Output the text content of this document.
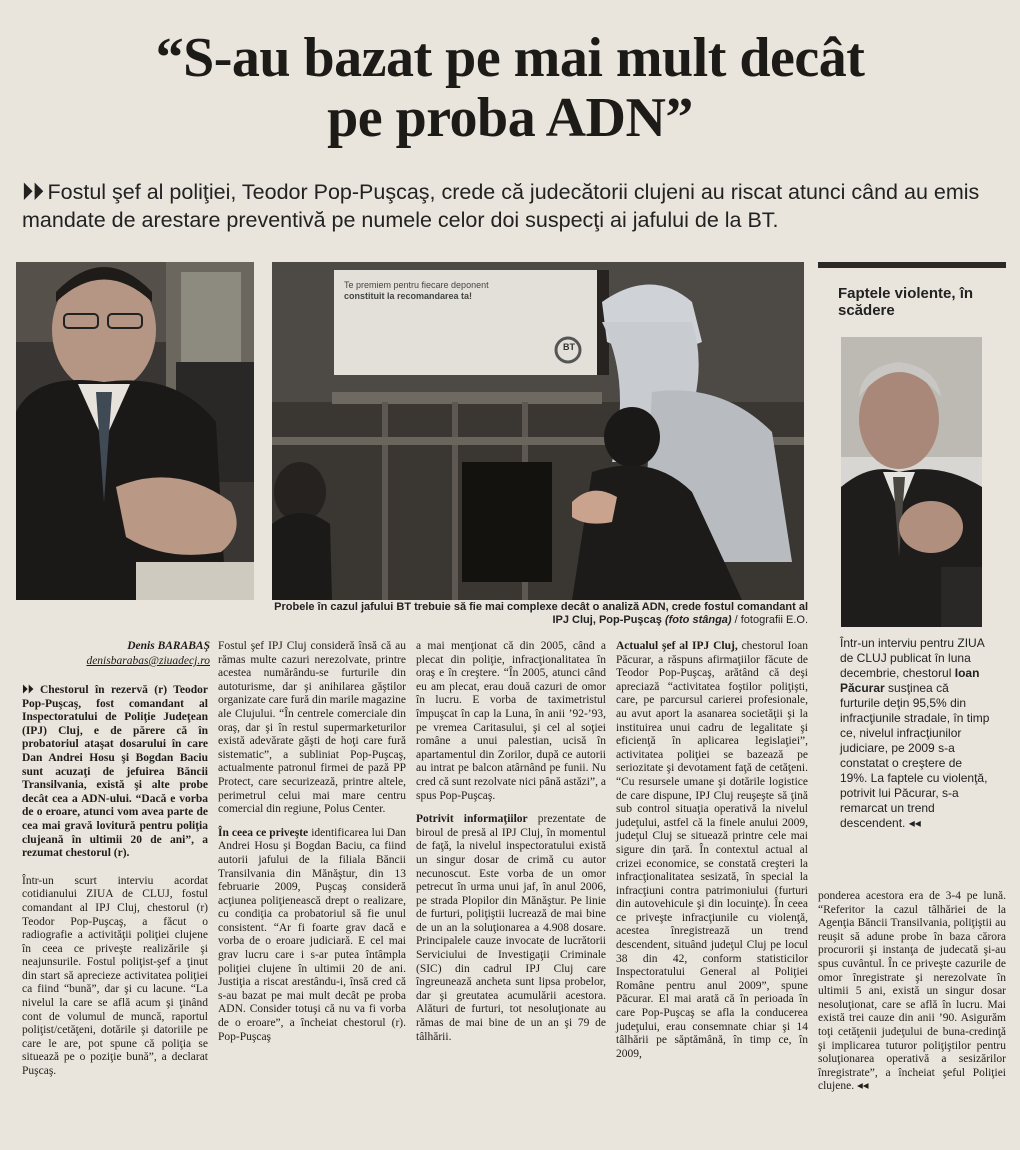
“S-au bazat pe mai mult decât
pe proba ADN”
⏵⏵ Fostul şef al poliţiei, Teodor Pop-Puşcaş, crede că judecătorii clujeni au riscat atunci când au emis mandate de arestare preventivă pe numele celor doi suspecţi ai jafului de la BT.
Te premiem pentru fiecare deponent
constituit la recomandarea ta!
BT
Probele în cazul jafului BT trebuie să fie mai complexe decât o analiză ADN, crede fostul comandant al IPJ Cluj, Pop-Puşcaş (foto stânga) / fotografii E.O.
Faptele violente, în scădere
Într-un interviu pentru ZIUA de CLUJ publicat în luna decembrie, chestorul Ioan Păcurar susţinea că furturile deţin 95,5% din infracţiunile stradale, în timp ce, nivelul infracţiunilor judiciare, pe 2009 s-a constatat o creştere de 19%. La faptele cu violenţă, potrivit lui Păcurar, s-a remarcat un trend descendent. ◂◂
Denis BARABAŞ
denisbarabas@ziuadecj.ro

⏵⏵ Chestorul în rezervă (r) Teodor Pop-Puşcaş, fost comandant al Inspectoratului de Poliţie Judeţean (IPJ) Cluj, e de părere că în probatoriul ataşat dosarului în care Dan Andrei Hosu şi Bogdan Baciu sunt acuzaţi de jefuirea Băncii Transilvania, există şi alte probe decât cea a ADN-ului. “Dacă e vorba de o eroare, atunci vom avea parte de cea mai gravă lovitură pentru poliţia clujeană în ultimii 20 de ani”, a rezumat chestorul (r).

Într-un scurt interviu acordat cotidianului ZIUA de CLUJ, fostul comandant al IPJ Cluj, chestorul (r) Teodor Pop-Puşcaş, a făcut o radiografie a activităţii poliţiei clujene în ceea ce priveşte realizările şi neajunsurile. Fostul poliţist-şef a ţinut din start să aprecieze activitatea poliţiei ca fiind “bună”, dar şi cu lacune. “La nivelul la care se află acum şi ţinând cont de volumul de muncă, raportul poliţist/cetăţeni, dotările şi datoriile pe care le are, pot spune că poliţia se situează pe o poziţie bună”, a declarat Puşcaş.

Fostul şef IPJ Cluj consideră însă că au rămas multe cazuri nerezolvate, printre acestea numărându-se furturile din autoturisme, dar şi anihilarea găştilor organizate care fură din marile magazine ale Clujului. “În centrele comerciale din oraş, dar şi în restul supermarketurilor există adevărate găşti de hoţi care fură sistematic”, a subliniat Pop-Puşcaş, actualmente patronul firmei de pază PP Protect, care securizează, printre altele, perimetrul celui mai mare centru comercial din regiune, Polus Center.

În ceea ce priveşte identificarea lui Dan Andrei Hosu şi Bogdan Baciu, ca fiind autorii jafului de la filiala Băncii Transilvania din Mănăştur, din 13 februarie 2009, Puşcaş consideră acţiunea poliţienească drept o realizare, cu condiţia ca probatoriul să fie unul consistent. “Ar fi foarte grav dacă e vorba de o eroare judiciară. E cel mai grav lucru care i s-ar putea întâmpla poliţiei clujene în ultimii 20 de ani. Justiţia a riscat arestându-i, însă cred că s-au bazat pe mai mult decât pe proba ADN. Consider totuşi că nu va fi vorba de o eroare”, a încheiat chestorul (r). Pop-Puşcaş

a mai menţionat că din 2005, când a plecat din poliţie, infracţionalitatea în oraş e în creştere. “În 2005, atunci când eu am plecat, erau două cazuri de omor în lucru. E vorba de taximetristul împuşcat în cap la Luna, în anii ’92-’93, pe vremea Caritasului, şi cel al soţiei române a unui palestian, ucisă în apartamentul din Zorilor, după ce autorii au intrat pe balcon atârnând pe funii. Nu cred că sunt rezolvate nici până astăzi”, a spus Pop-Puşcaş.

Potrivit informaţiilor prezentate de biroul de presă al IPJ Cluj, în momentul de faţă, la nivelul inspectoratului există un singur dosar de crimă cu autor necunoscut. Este vorba de un omor petrecut în urma unui jaf, în anul 2006, pe strada Plopilor din Mănăştur. Pe linie de furturi, poliţiştii lucrează de mai bine de un an la soluţionarea a 4.908 dosare. Principalele cauze invocate de lucrătorii Serviciului de Investigaţii Criminale (SIC) din cadrul IPJ Cluj care îngreunează ancheta sunt lipsa probelor, dar şi greutatea acumulării acestora. Alături de furturi, tot nesoluţionate au rămas de mai bine de un an şi 79 de tâlhării.

Actualul şef al IPJ Cluj, chestorul Ioan Păcurar, a răspuns afirmaţiilor făcute de Teodor Pop-Puşcaş, arătând că deşi apreciază “activitatea foştilor poliţişti, care, pe parcursul carierei profesionale, au avut aport la asanarea societăţii şi la instituirea unui cadru de legalitate şi eficienţă în aplicarea legislaţiei”, activitatea poliţiei se bazează pe seriozitate şi devotament faţă de cetăţeni. “Cu resursele umane şi dotările logistice de care dispune, IPJ Cluj reuşeşte să ţină sub control situaţia operativă la nivelul judeţului, astfel că la finele anului 2009, judeţul Cluj se situează printre cele mai sigure din ţară. În contextul actual al crizei economice, se constată creşteri la infracţionalitatea sesizată, în special la infracţiuni contra patrimoniului (furturi din autovehicule şi din locuinţe). În ceea ce priveşte infracţiunile cu violenţă, acestea înregistrează un trend descendent, situând judeţul Cluj pe locul 38 din 42, conform statisticilor Inspectoratului General al Poliţiei Române pentru anul 2009”, spune Păcurar. El mai arată că în perioada în care Pop-Puşcaş se afla la conducerea judeţului, erau consemnate chiar şi 14 tâlhării pe săptămână, în timp ce, în 2009,

ponderea acestora era de 3-4 pe lună. “Referitor la cazul tâlhăriei de la Agenţia Băncii Transilvania, poliţiştii au reuşit să adune probe în baza cărora procurorii şi instanţa de judecată şi-au spus cuvântul. În ce priveşte cazurile de omor înregistrate şi nerezolvate în ultimii 5 ani, există un singur dosar nesoluţionat, care se află în lucru. Mai există trei cauze din anii ’90. Asigurăm toţi cetăţenii judeţului de buna-credinţă şi implicarea tuturor poliţiştilor pentru soluţionarea operativă a sesizărilor înregistrate”, a încheiat şeful Poliţiei clujene. ◂◂
